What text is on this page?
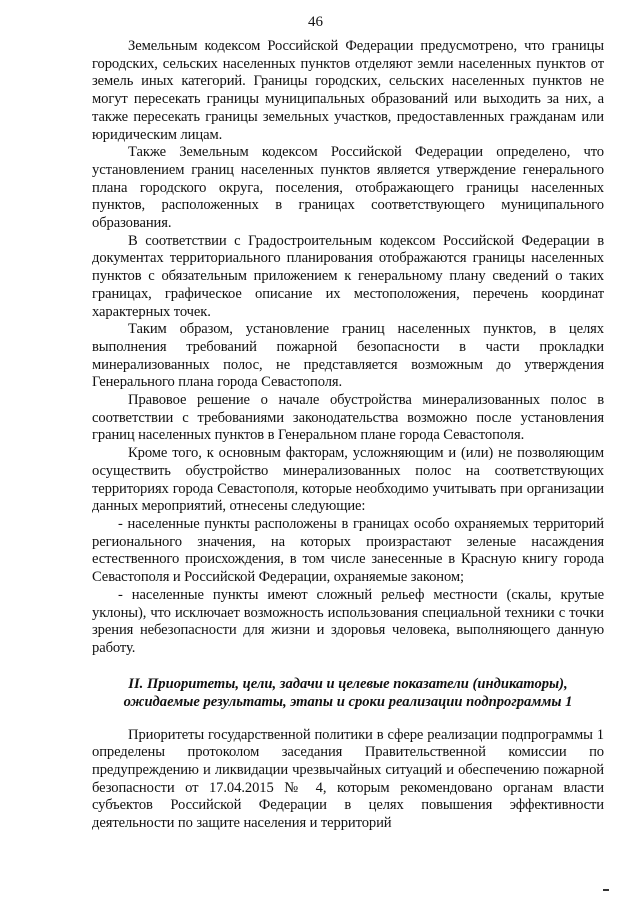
46

Земельным кодексом Российской Федерации предусмотрено, что границы городских, сельских населенных пунктов отделяют земли населенных пунктов от земель иных категорий. Границы городских, сельских населенных пунктов не могут пересекать границы муниципальных образований или выходить за них, а также пересекать границы земельных участков, предоставленных гражданам или юридическим лицам.

Также Земельным кодексом Российской Федерации определено, что установлением границ населенных пунктов является утверждение генерального плана городского округа, поселения, отображающего границы населенных пунктов, расположенных в границах соответствующего муниципального образования.

В соответствии с Градостроительным кодексом Российской Федерации в документах территориального планирования отображаются границы населенных пунктов с обязательным приложением к генеральному плану сведений о таких границах, графическое описание их местоположения, перечень координат характерных точек.

Таким образом, установление границ населенных пунктов, в целях выполнения требований пожарной безопасности в части прокладки минерализованных полос, не представляется возможным до утверждения Генерального плана города Севастополя.

Правовое решение о начале обустройства минерализованных полос в соответствии с требованиями законодательства возможно после установления границ населенных пунктов в Генеральном плане города Севастополя.

Кроме того, к основным факторам, усложняющим и (или) не позволяющим осуществить обустройство минерализованных полос на соответствующих территориях города Севастополя, которые необходимо учитывать при организации данных мероприятий, отнесены следующие:

- населенные пункты расположены в границах особо охраняемых территорий регионального значения, на которых произрастают зеленые насаждения естественного происхождения, в том числе занесенные в Красную книгу города Севастополя и Российской Федерации, охраняемые законом;

- населенные пункты имеют сложный рельеф местности (скалы, крутые уклоны), что исключает возможность использования специальной техники с точки зрения небезопасности для жизни и здоровья человека, выполняющего данную работу.

II. Приоритеты, цели, задачи и целевые показатели (индикаторы),
ожидаемые результаты, этапы и сроки реализации подпрограммы 1

Приоритеты государственной политики в сфере реализации подпрограммы 1 определены протоколом заседания Правительственной комиссии по предупреждению и ликвидации чрезвычайных ситуаций и обеспечению пожарной безопасности от 17.04.2015 № 4, которым рекомендовано органам власти субъектов Российской Федерации в целях повышения эффективности деятельности по защите населения и территорий
